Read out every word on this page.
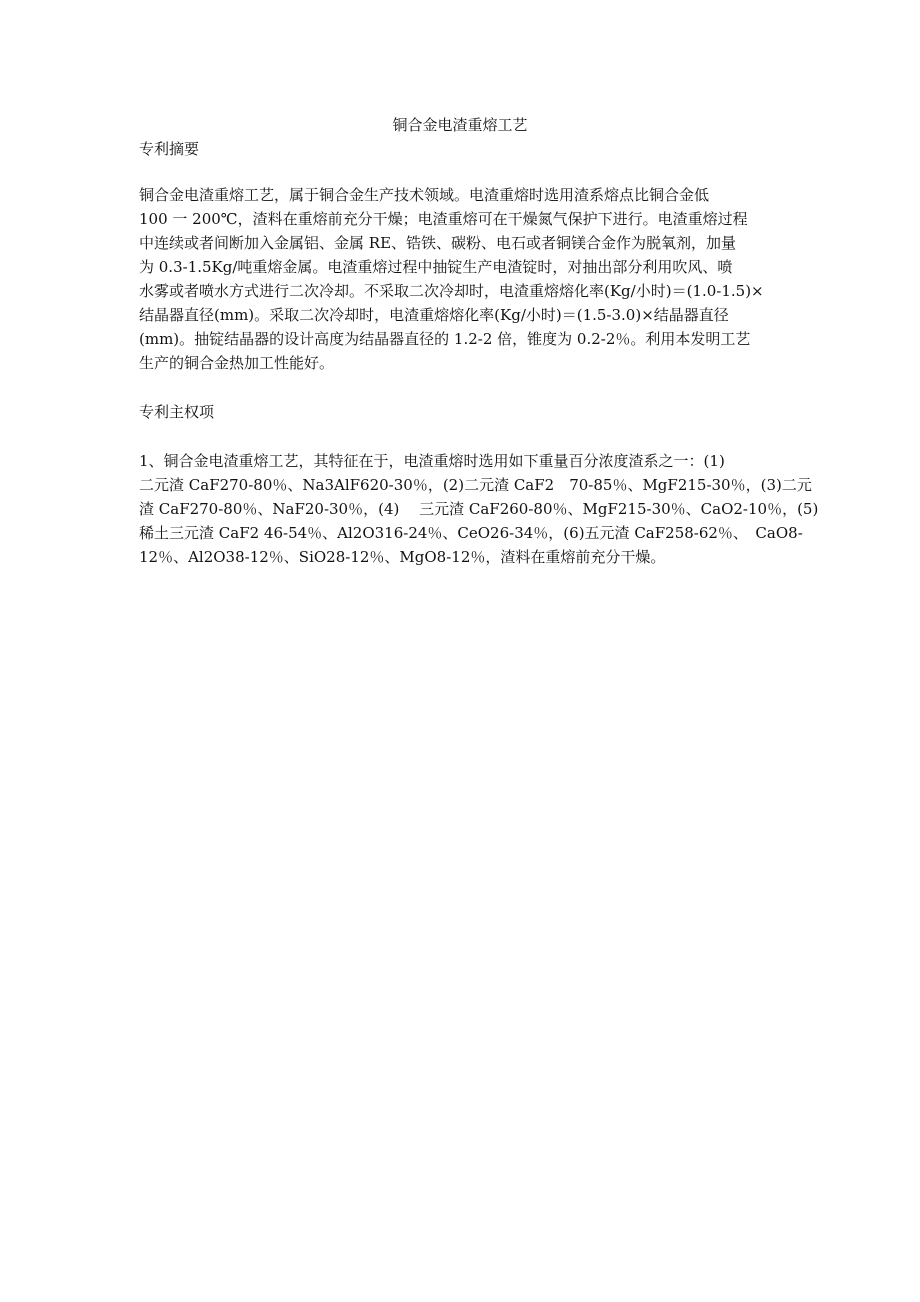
铜合金电渣重熔工艺
专利摘要
铜合金电渣重熔工艺，属于铜合金生产技术领域。电渣重熔时选用渣系熔点比铜合金低
100 一 200℃，渣料在重熔前充分干燥；电渣重熔可在干燥氮气保护下进行。电渣重熔过程
中连续或者间断加入金属铝、金属 RE、锆铁、碳粉、电石或者铜镁合金作为脱氧剂，加量
为 0.3-1.5Kg/吨重熔金属。电渣重熔过程中抽锭生产电渣锭时，对抽出部分利用吹风、喷
水雾或者喷水方式进行二次冷却。不采取二次冷却时，电渣重熔熔化率(Kg/小时)＝(1.0-1.5)×
结晶器直径(mm)。采取二次冷却时，电渣重熔熔化率(Kg/小时)＝(1.5-3.0)×结晶器直径
(mm)。抽锭结晶器的设计高度为结晶器直径的 1.2-2 倍，锥度为 0.2-2％。利用本发明工艺
生产的铜合金热加工性能好。
专利主权项
1、铜合金电渣重熔工艺，其特征在于，电渣重熔时选用如下重量百分浓度渣系之一：(1)
二元渣 CaF270-80％、Na3AlF620-30％，(2)二元渣 CaF2　70-85％、MgF215-30％，(3)二元
渣 CaF270-80％、NaF20-30％，(4)　 三元渣 CaF260-80％、MgF215-30％、CaO2-10％，(5)
稀土三元渣 CaF2 46-54％、Al2O316-24％、CeO26-34％，(6)五元渣 CaF258-62％、　CaO8-
12％、Al2O38-12％、SiO28-12％、MgO8-12％，渣料在重熔前充分干燥。
